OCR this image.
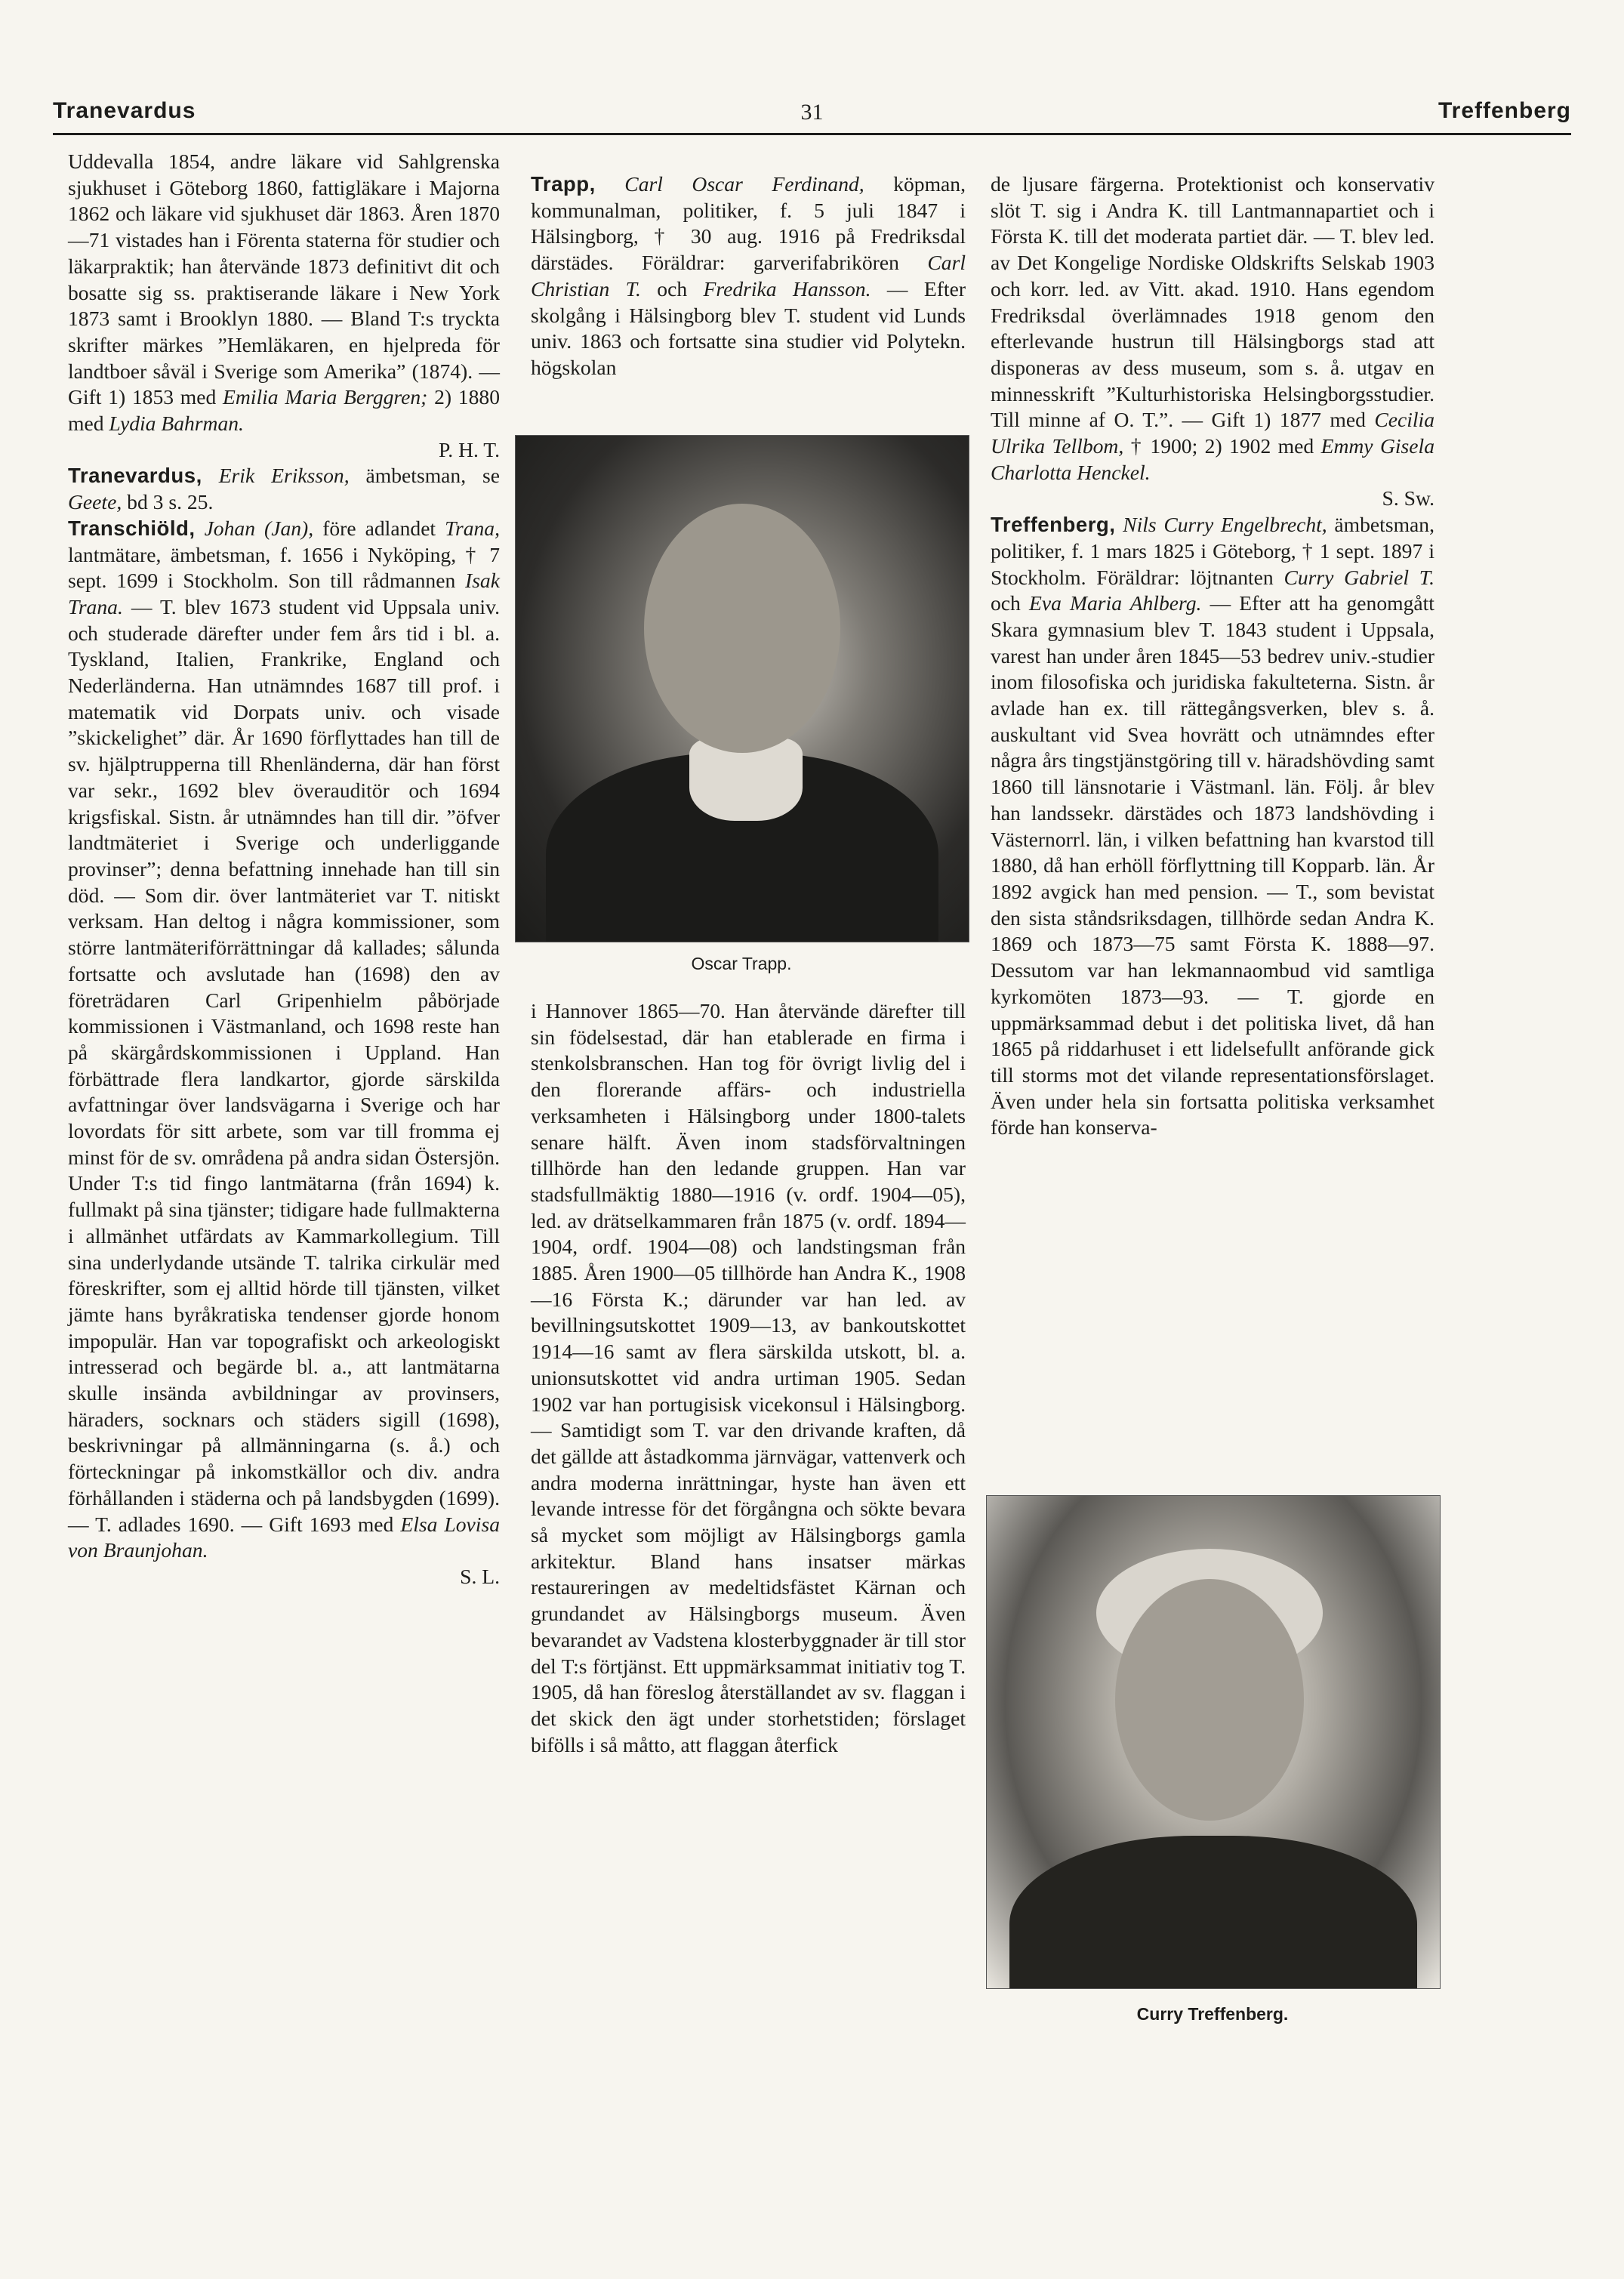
Tranevardus	31	Treffenberg

Uddevalla 1854, andre läkare vid Sahlgrenska sjukhuset i Göteborg 1860, fattigläkare i Majorna 1862 och läkare vid sjukhuset där 1863. Åren 1870—71 vistades han i Förenta staterna för studier och läkarpraktik; han återvände 1873 definitivt dit och bosatte sig ss. praktiserande läkare i New York 1873 samt i Brooklyn 1880. — Bland T:s tryckta skrifter märkes ”Hemläkaren, en hjelpreda för landtboer såväl i Sverige som Amerika” (1874). — Gift 1) 1853 med Emilia Maria Berggren; 2) 1880 med Lydia Bahrman.

P. H. T.

Tranevardus, Erik Eriksson, ämbetsman, se Geete, bd 3 s. 25.

Transchiöld, Johan (Jan), före adlandet Trana, lantmätare, ämbetsman, f. 1656 i Nyköping, † 7 sept. 1699 i Stockholm. Son till rådmannen Isak Trana. — T. blev 1673 student vid Uppsala univ. och studerade därefter under fem års tid i bl. a. Tyskland, Italien, Frankrike, England och Nederländerna. Han utnämndes 1687 till prof. i matematik vid Dorpats univ. och visade ”skickelighet” där. År 1690 förflyttades han till de sv. hjälptrupperna till Rhenländerna, där han först var sekr., 1692 blev överauditör och 1694 krigsfiskal. Sistn. år utnämndes han till dir. ”öfver landtmäteriet i Sverige och underliggande provinser”; denna befattning innehade han till sin död. — Som dir. över lantmäteriet var T. nitiskt verksam. Han deltog i några kommissioner, som större lantmäteriförrättningar då kallades; sålunda fortsatte och avslutade han (1698) den av företrädaren Carl Gripenhielm påbörjade kommissionen i Västmanland, och 1698 reste han på skärgårdskommissionen i Uppland. Han förbättrade flera landkartor, gjorde särskilda avfattningar över landsvägarna i Sverige och har lovordats för sitt arbete, som var till fromma ej minst för de sv. områdena på andra sidan Östersjön. Under T:s tid fingo lantmätarna (från 1694) k. fullmakt på sina tjänster; tidigare hade fullmakterna i allmänhet utfärdats av Kammarkollegium. Till sina underlydande utsände T. talrika cirkulär med föreskrifter, som ej alltid hörde till tjänsten, vilket jämte hans byråkratiska tendenser gjorde honom impopulär. Han var topografiskt och arkeologiskt intresserad och begärde bl. a., att lantmätarna skulle insända avbildningar av provinsers, häraders, socknars och städers sigill (1698), beskrivningar på allmänningarna (s. å.) och förteckningar på inkomstkällor och div. andra förhållanden i städerna och på landsbygden (1699). — T. adlades 1690. — Gift 1693 med Elsa Lovisa von Braunjohan.

S. L.

Trapp, Carl Oscar Ferdinand, köpman, kommunalman, politiker, f. 5 juli 1847 i Hälsingborg, † 30 aug. 1916 på Fredriksdal därstädes. Föräldrar: garverifabrikören Carl Christian T. och Fredrika Hansson. — Efter skolgång i Hälsingborg blev T. student vid Lunds univ. 1863 och fortsatte sina studier vid Polytekn. högskolan

Oscar Trapp.

i Hannover 1865—70. Han återvände därefter till sin födelsestad, där han etablerade en firma i stenkolsbranschen. Han tog för övrigt livlig del i den florerande affärs- och industriella verksamheten i Hälsingborg under 1800-talets senare hälft. Även inom stadsförvaltningen tillhörde han den ledande gruppen. Han var stadsfullmäktig 1880—1916 (v. ordf. 1904—05), led. av drätselkammaren från 1875 (v. ordf. 1894—1904, ordf. 1904—08) och landstingsman från 1885. Åren 1900—05 tillhörde han Andra K., 1908—16 Första K.; därunder var han led. av bevillningsutskottet 1909—13, av bankoutskottet 1914—16 samt av flera särskilda utskott, bl. a. unionsutskottet vid andra urtiman 1905. Sedan 1902 var han portugisisk vicekonsul i Hälsingborg. — Samtidigt som T. var den drivande kraften, då det gällde att åstadkomma järnvägar, vattenverk och andra moderna inrättningar, hyste han även ett levande intresse för det förgångna och sökte bevara så mycket som möjligt av Hälsingborgs gamla arkitektur. Bland hans insatser märkas restaureringen av medeltidsfästet Kärnan och grundandet av Hälsingborgs museum. Även bevarandet av Vadstena klosterbyggnader är till stor del T:s förtjänst. Ett uppmärksammat initiativ tog T. 1905, då han föreslog återställandet av sv. flaggan i det skick den ägt under storhetstiden; förslaget bifölls i så måtto, att flaggan återfick

de ljusare färgerna. Protektionist och konservativ slöt T. sig i Andra K. till Lantmannapartiet och i Första K. till det moderata partiet där. — T. blev led. av Det Kongelige Nordiske Oldskrifts Selskab 1903 och korr. led. av Vitt. akad. 1910. Hans egendom Fredriksdal överlämnades 1918 genom den efterlevande hustrun till Hälsingborgs stad att disponeras av dess museum, som s. å. utgav en minnesskrift ”Kulturhistoriska Helsingborgsstudier. Till minne af O. T.”. — Gift 1) 1877 med Cecilia Ulrika Tellbom, † 1900; 2) 1902 med Emmy Gisela Charlotta Henckel.

S. Sw.

Treffenberg, Nils Curry Engelbrecht, ämbetsman, politiker, f. 1 mars 1825 i Göteborg, † 1 sept. 1897 i Stockholm. Föräldrar: löjtnanten Curry Gabriel T. och Eva Maria Ahlberg. — Efter att ha genomgått Skara gymnasium blev T. 1843 student i Uppsala, varest han under åren 1845—53 bedrev univ.-studier inom filosofiska och juridiska fakulteterna. Sistn. år avlade han ex. till rättegångsverken, blev s. å. auskultant vid Svea hovrätt och utnämndes efter några års tingstjänstgöring till v. häradshövding samt 1860 till länsnotarie i Västmanl. län. Följ. år blev han landssekr. därstädes och 1873 landshövding i Västernorrl. län, i vilken befattning han kvarstod till 1880, då han erhöll förflyttning till Kopparb. län. År 1892 avgick han med pension. — T., som bevistat den sista ståndsriksdagen, tillhörde sedan Andra K. 1869 och 1873—75 samt Första K. 1888—97. Dessutom var han lekmannaombud vid samtliga kyrkomöten 1873—93. — T. gjorde en uppmärksammad debut i det politiska livet, då han 1865 på riddarhuset i ett lidelsefullt anförande gick till storms mot det vilande representationsförslaget. Även under hela sin fortsatta politiska verksamhet förde han konserva-

Curry Treffenberg.
